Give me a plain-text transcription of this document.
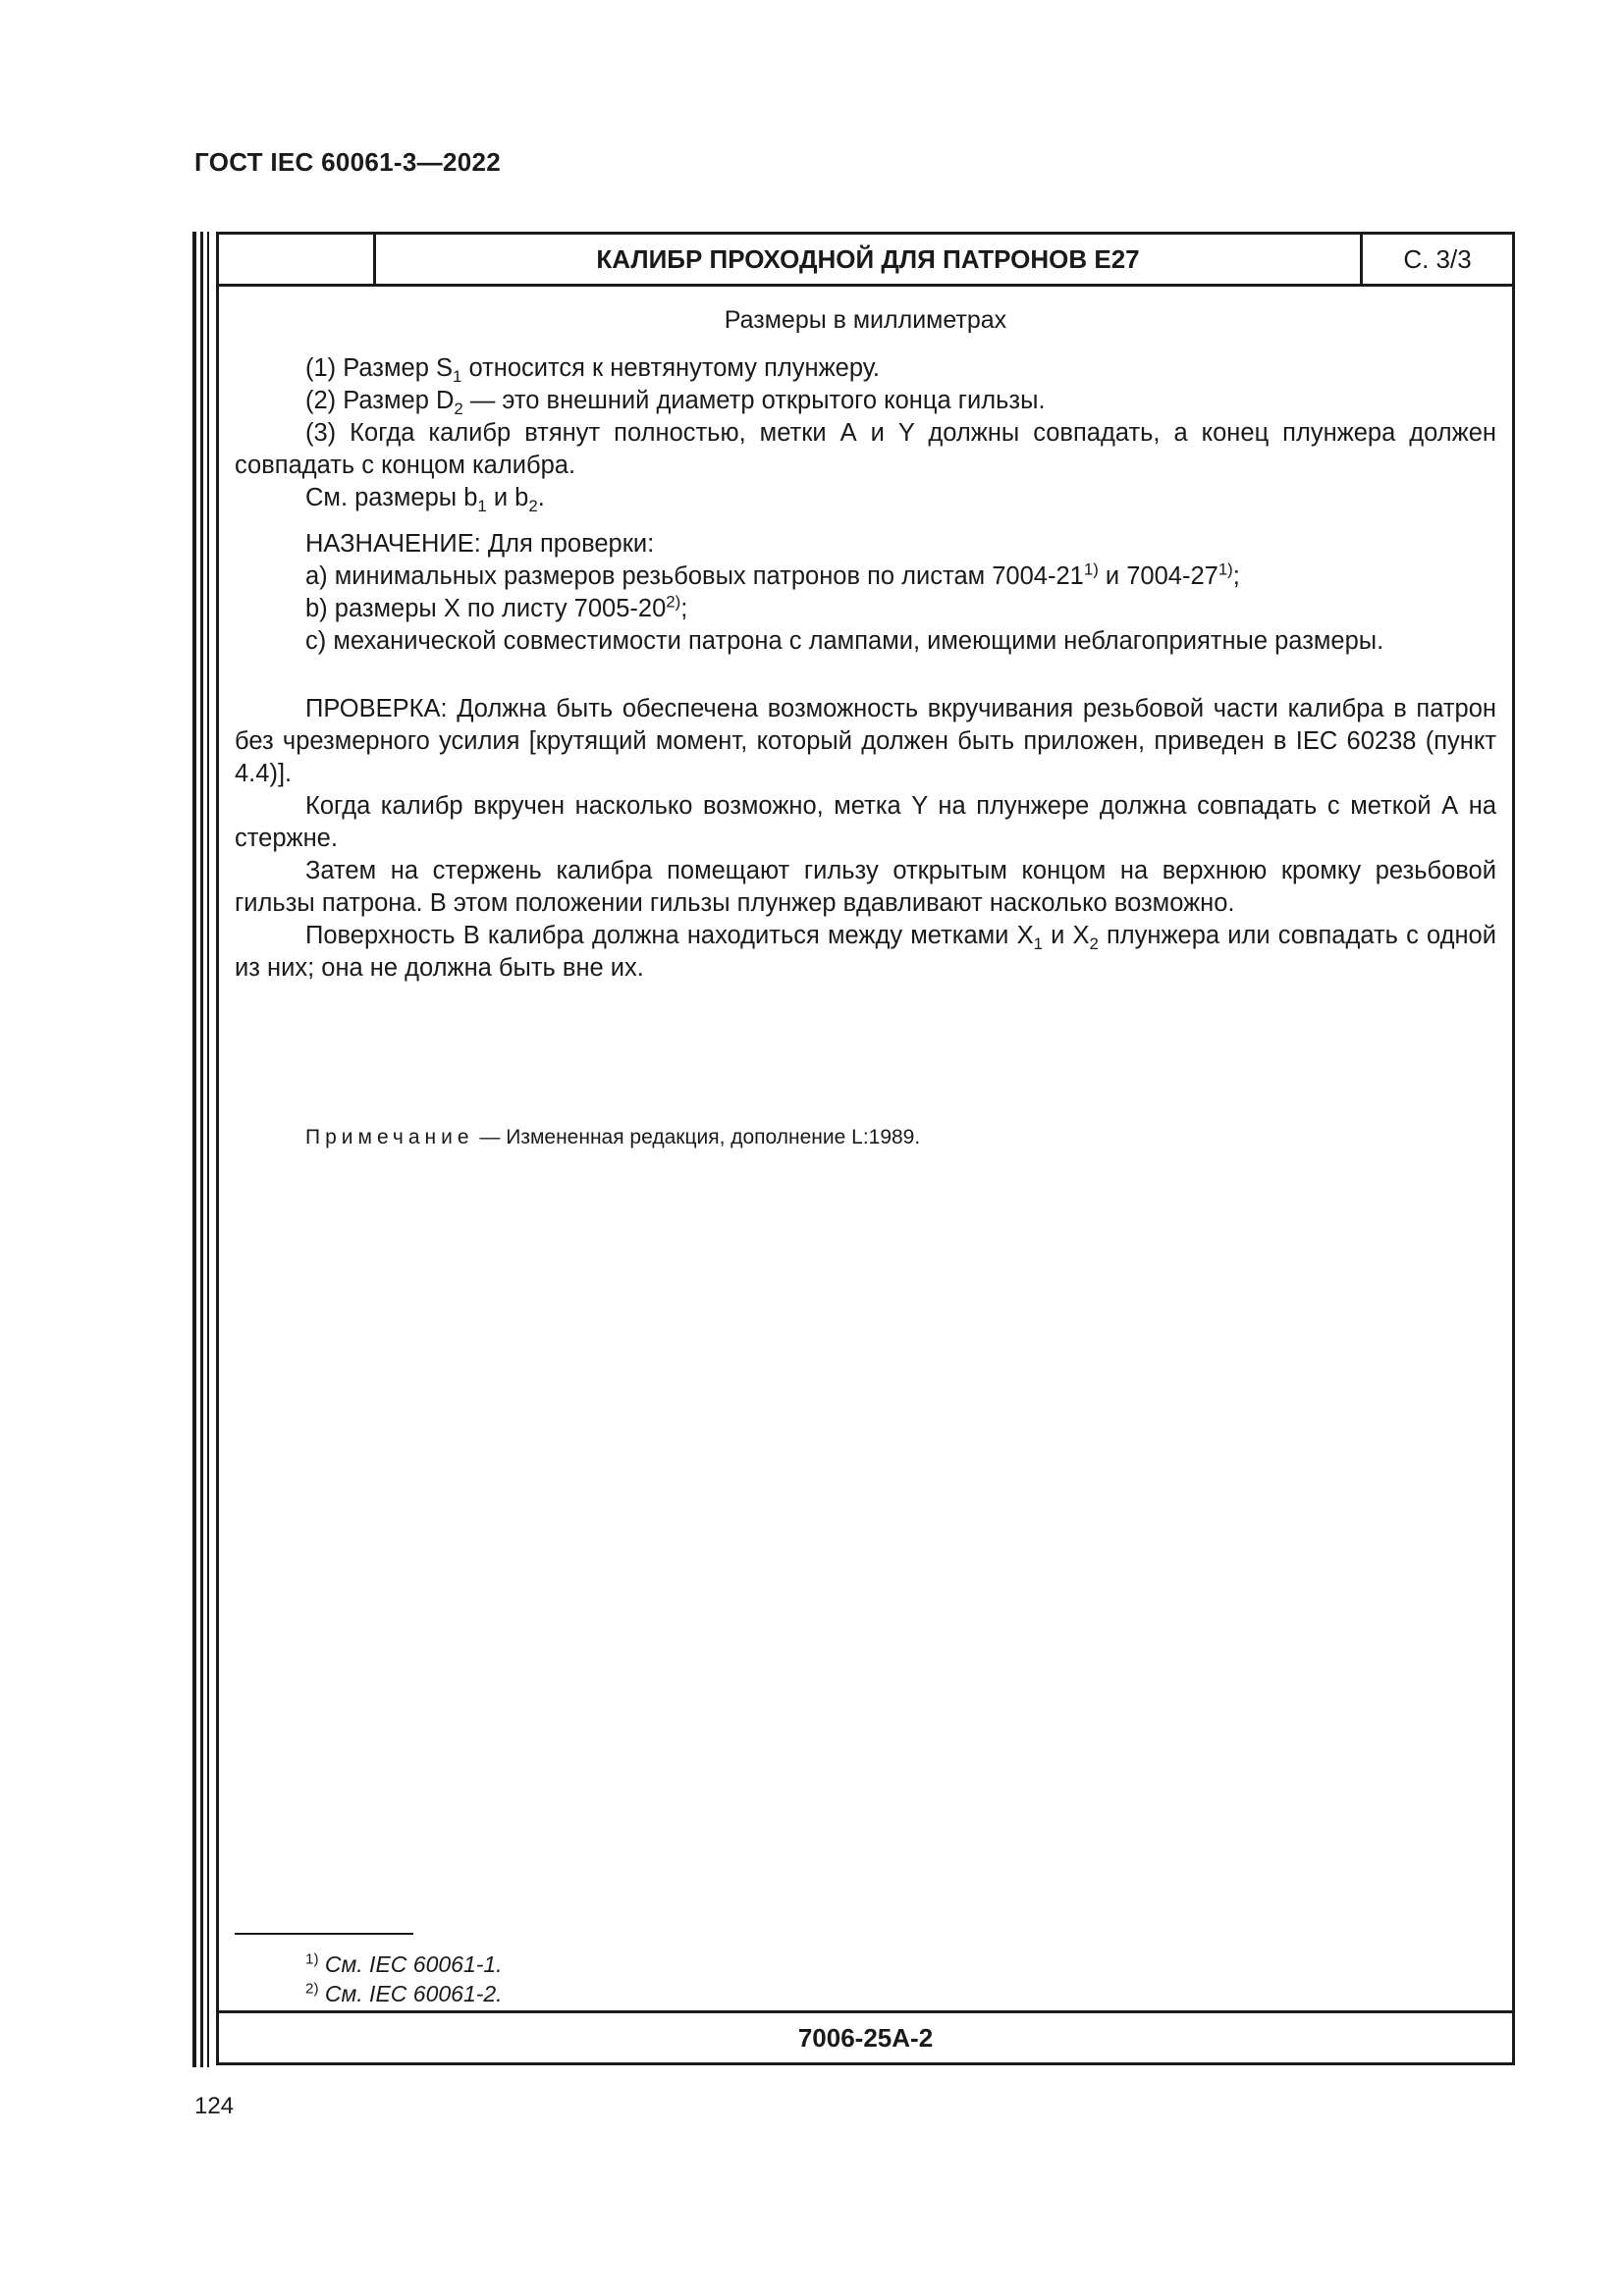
ГОСТ IEC 60061-3—2022
КАЛИБР ПРОХОДНОЙ ДЛЯ ПАТРОНОВ Е27	С. 3/3
Размеры в миллиметрах

(1) Размер $S_1$ относится к невтянутому плунжеру.

(2) Размер $D_2$ — это внешний диаметр открытого конца гильзы.

(3) Когда калибр втянут полностью, метки А и Y должны совпадать, а конец плунжера должен совпадать с концом калибра.

См. размеры $b_1$ и $b_2$.

НАЗНАЧЕНИЕ: Для проверки:

a) минимальных размеров резьбовых патронов по листам 7004-21$^{1)}$ и 7004-27$^{1)}$;

b) размеры X по листу 7005-20$^{2)}$;

c) механической совместимости патрона с лампами, имеющими неблагоприятные размеры.

ПРОВЕРКА: Должна быть обеспечена возможность вкручивания резьбовой части калибра в патрон без чрезмерного усилия [крутящий момент, который должен быть приложен, приведен в IEC 60238 (пункт 4.4)].

Когда калибр вкручен насколько возможно, метка Y на плунжере должна совпадать с меткой А на стержне.

Затем на стержень калибра помещают гильзу открытым концом на верхнюю кромку резьбовой гильзы патрона. В этом положении гильзы плунжер вдавливают насколько возможно.

Поверхность В калибра должна находиться между метками $X_1$ и $X_2$ плунжера или совпадать с одной из них; она не должна быть вне их.

Примечание — Измененная редакция, дополнение L:1989.
$^{1)}$ См. IEC 60061-1.
$^{2)}$ См. IEC 60061-2.
7006-25А-2
124
